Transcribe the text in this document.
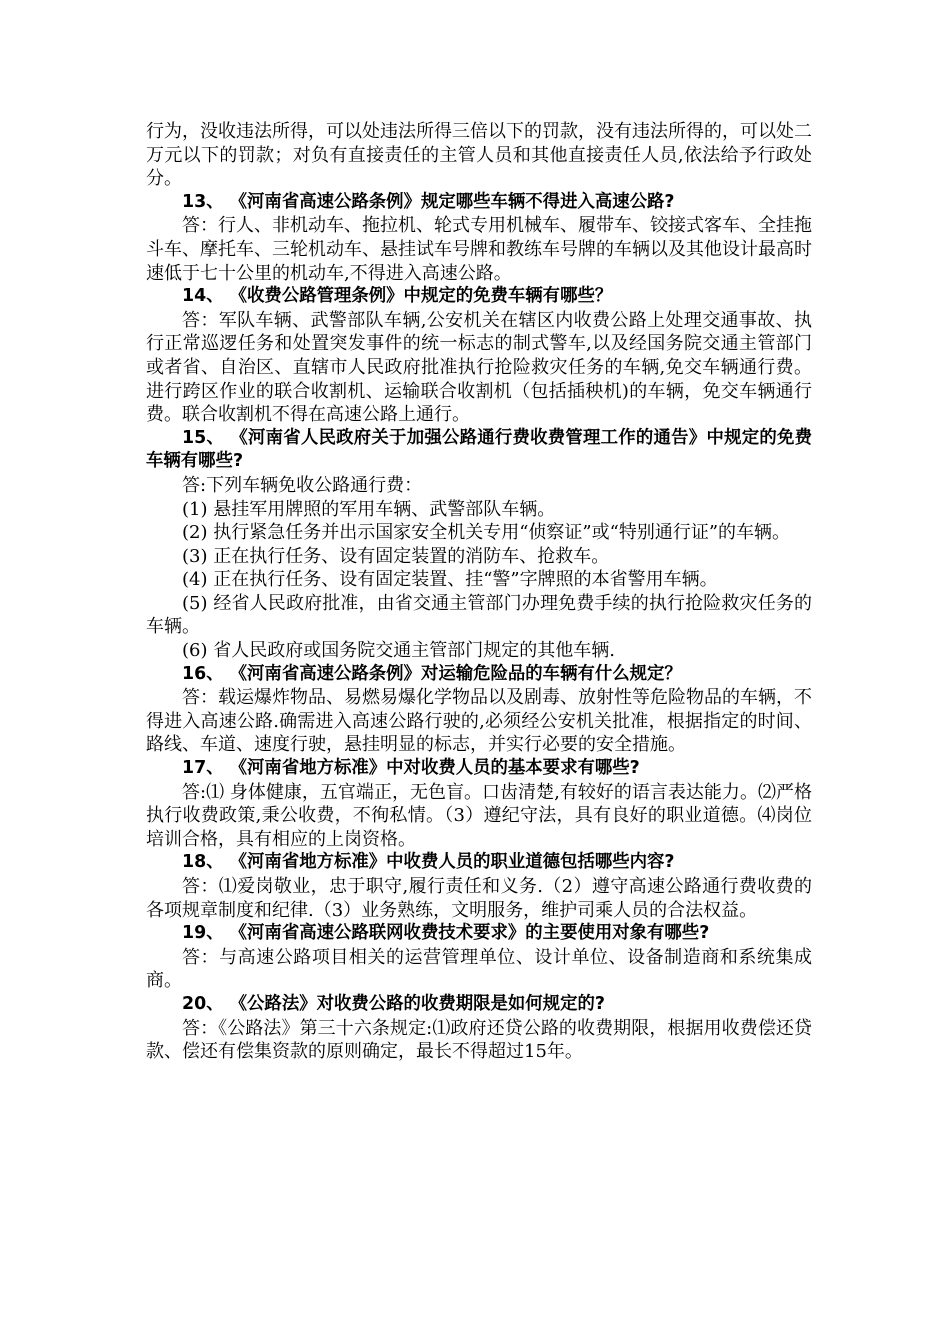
行为，没收违法所得，可以处违法所得三倍以下的罚款，没有违法所得的，可以处二万元以下的罚款；对负有直接责任的主管人员和其他直接责任人员,依法给予行政处分。

13、 《河南省高速公路条例》规定哪些车辆不得进入高速公路?

答：行人、非机动车、拖拉机、轮式专用机械车、履带车、铰接式客车、全挂拖斗车、摩托车、三轮机动车、悬挂试车号牌和教练车号牌的车辆以及其他设计最高时速低于七十公里的机动车,不得进入高速公路。

14、 《收费公路管理条例》中规定的免费车辆有哪些？

答：军队车辆、武警部队车辆,公安机关在辖区内收费公路上处理交通事故、执行正常巡逻任务和处置突发事件的统一标志的制式警车,以及经国务院交通主管部门或者省、自治区、直辖市人民政府批准执行抢险救灾任务的车辆,免交车辆通行费。进行跨区作业的联合收割机、运输联合收割机（包括插秧机)的车辆，免交车辆通行费。联合收割机不得在高速公路上通行。

15、 《河南省人民政府关于加强公路通行费收费管理工作的通告》中规定的免费车辆有哪些?

答:下列车辆免收公路通行费：

(1) 悬挂军用牌照的军用车辆、武警部队车辆。

(2) 执行紧急任务并出示国家安全机关专用“侦察证”或“特别通行证”的车辆。

(3) 正在执行任务、设有固定装置的消防车、抢救车。

(4) 正在执行任务、设有固定装置、挂“警”字牌照的本省警用车辆。

(5) 经省人民政府批准，由省交通主管部门办理免费手续的执行抢险救灾任务的车辆。

(6) 省人民政府或国务院交通主管部门规定的其他车辆.

16、 《河南省高速公路条例》对运输危险品的车辆有什么规定？

答：载运爆炸物品、易燃易爆化学物品以及剧毒、放射性等危险物品的车辆，不得进入高速公路.确需进入高速公路行驶的,必须经公安机关批准，根据指定的时间、路线、车道、速度行驶，悬挂明显的标志，并实行必要的安全措施。

17、 《河南省地方标准》中对收费人员的基本要求有哪些?

答:⑴ 身体健康，五官端正，无色盲。口齿清楚,有较好的语言表达能力。⑵严格执行收费政策,秉公收费，不徇私情。（3）遵纪守法，具有良好的职业道德。⑷岗位培训合格，具有相应的上岗资格。

18、 《河南省地方标准》中收费人员的职业道德包括哪些内容?

答：⑴爱岗敬业，忠于职守,履行责任和义务.（2）遵守高速公路通行费收费的各项规章制度和纪律.（3）业务熟练，文明服务，维护司乘人员的合法权益。

19、 《河南省高速公路联网收费技术要求》的主要使用对象有哪些?

答：与高速公路项目相关的运营管理单位、设计单位、设备制造商和系统集成商。

20、 《公路法》对收费公路的收费期限是如何规定的?

答：《公路法》第三十六条规定:⑴政府还贷公路的收费期限，根据用收费偿还贷款、偿还有偿集资款的原则确定，最长不得超过15年。
